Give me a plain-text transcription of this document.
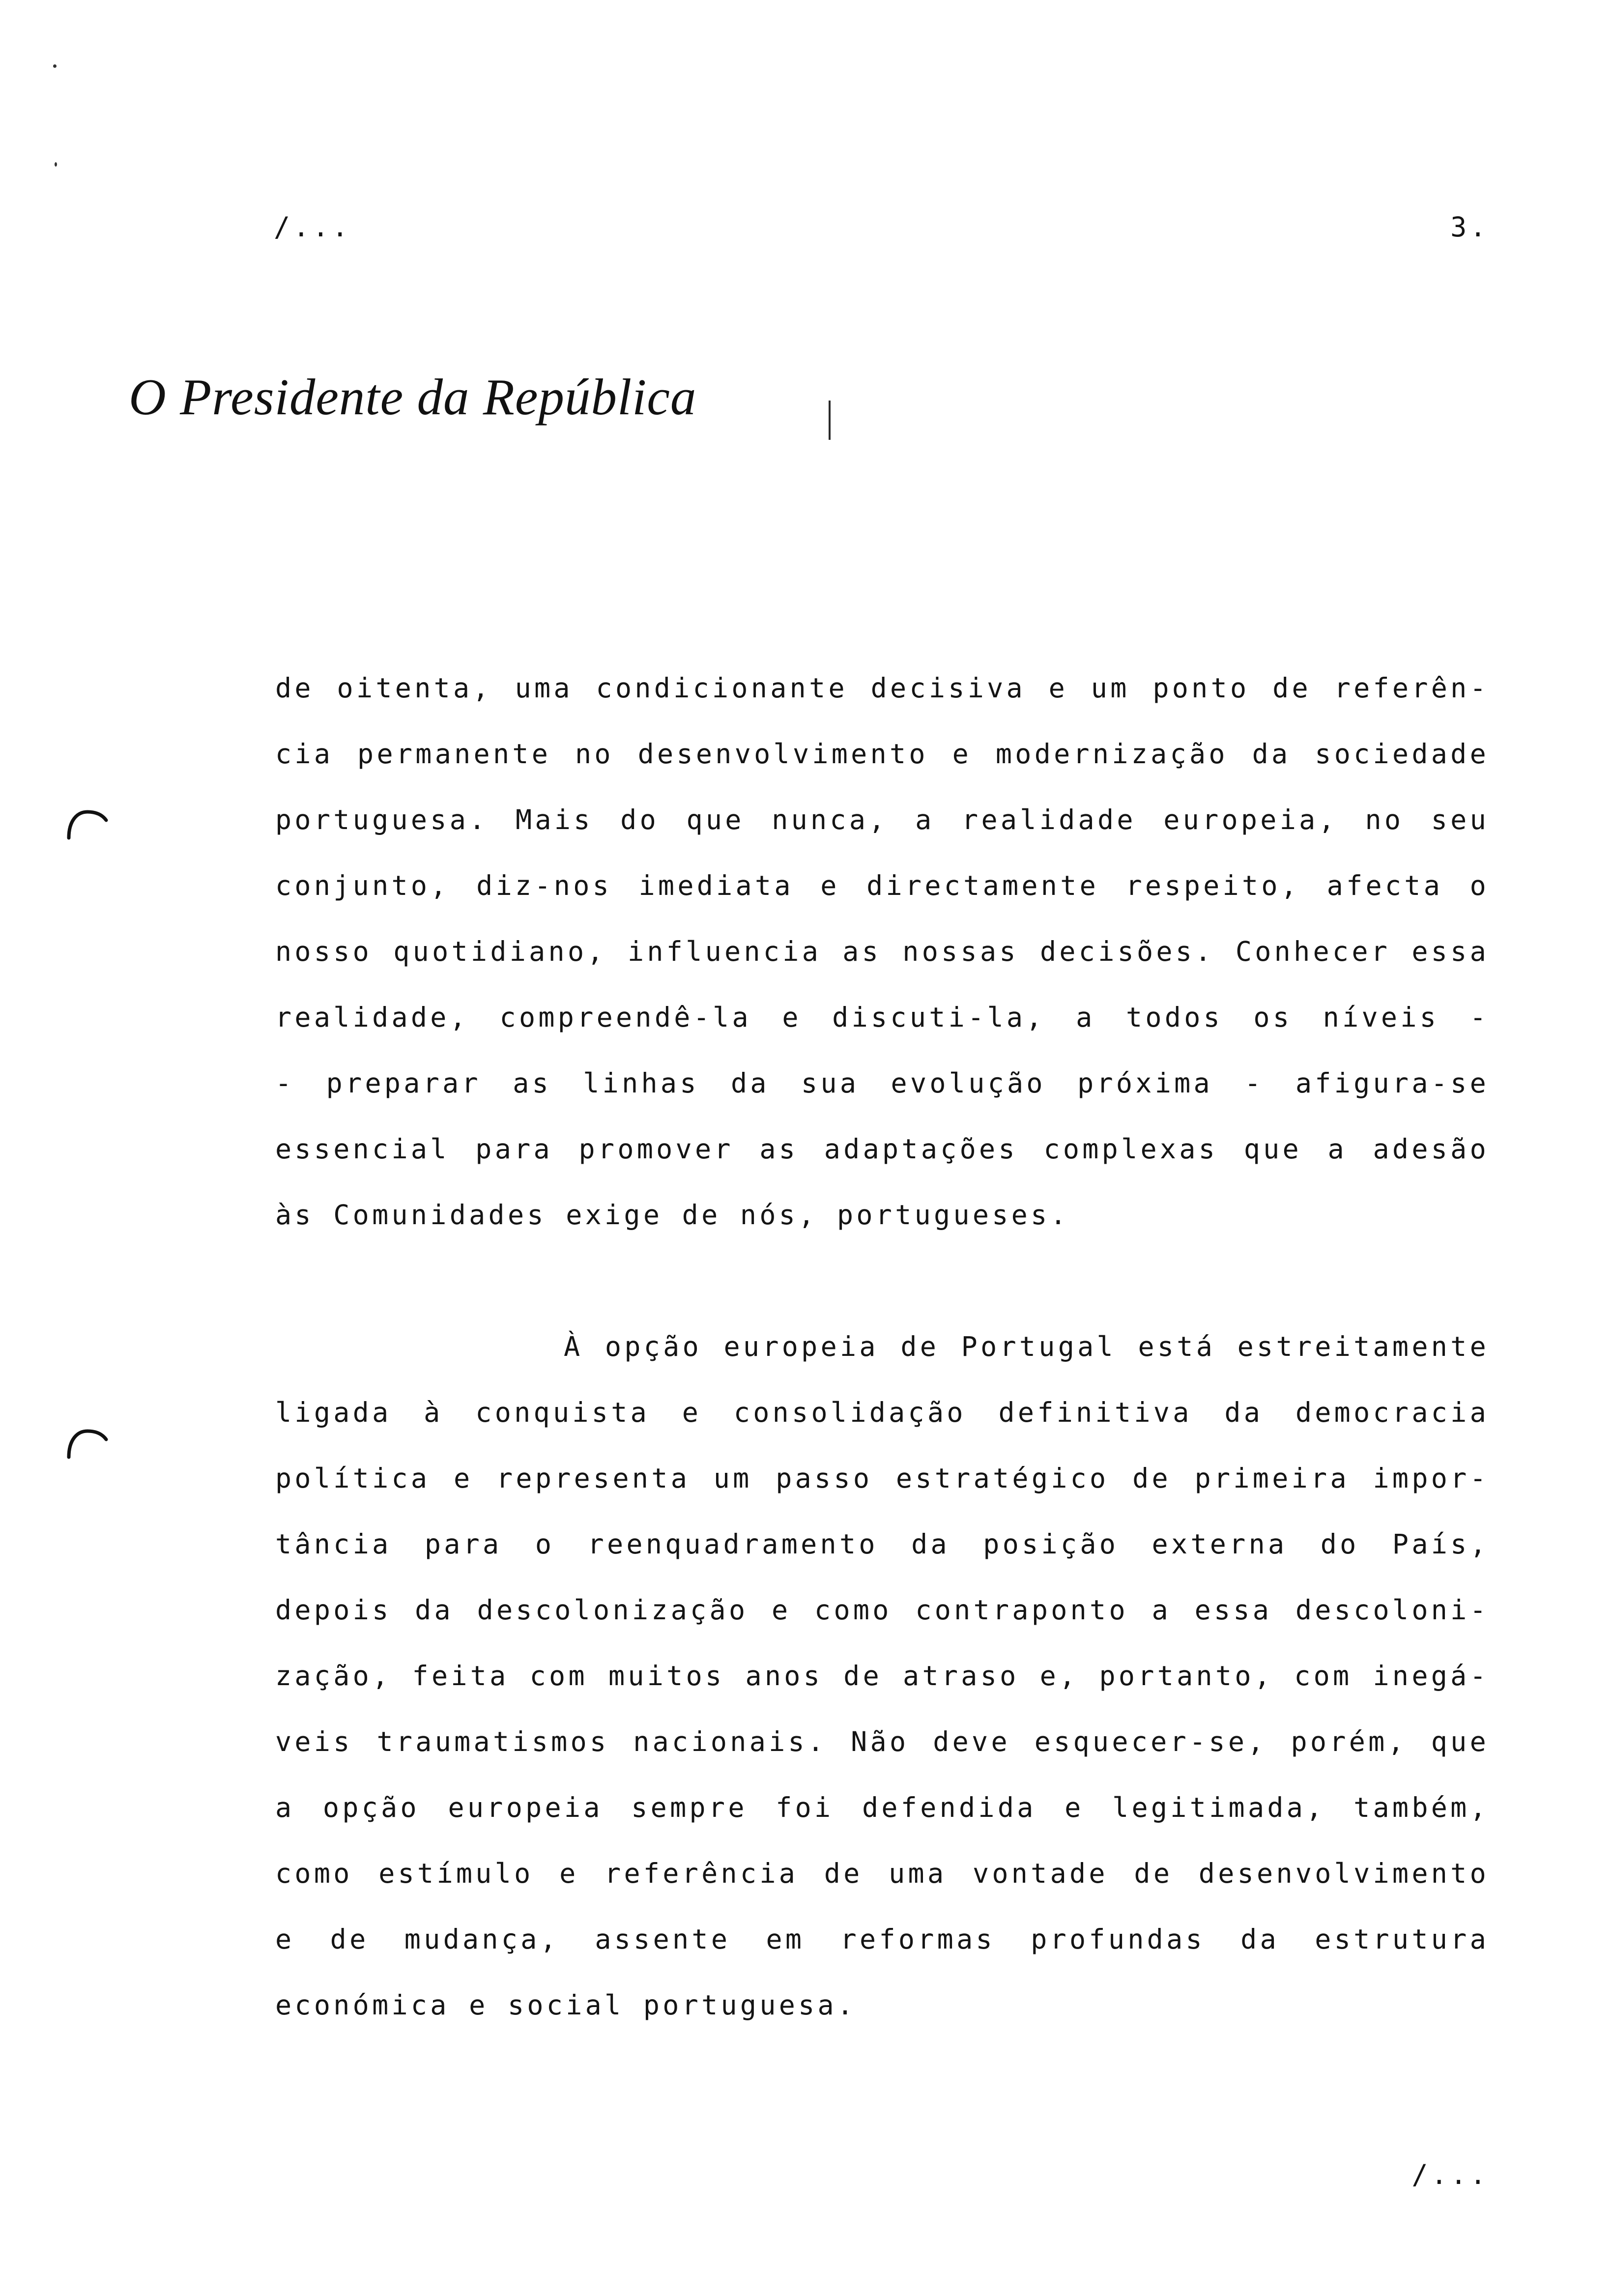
/...	3.
O Presidente da República
de oitenta, uma condicionante decisiva e um ponto de referên-
cia permanente no desenvolvimento e modernização da sociedade
portuguesa. Mais do que nunca, a realidade europeia, no seu
conjunto, diz-nos imediata e directamente respeito, afecta o
nosso quotidiano, influencia as nossas decisões. Conhecer essa
realidade, compreendê-la e discuti-la, a todos os níveis -
- preparar as linhas da sua evolução próxima - afigura-se
essencial para promover as adaptações complexas que a adesão
às Comunidades exige de nós, portugueses.
À opção europeia de Portugal está estreitamente
ligada à conquista e consolidação definitiva da democracia
política e representa um passo estratégico de primeira impor-
tância para o reenquadramento da posição externa do País,
depois da descolonização e como contraponto a essa descoloni-
zação, feita com muitos anos de atraso e, portanto, com inegá-
veis traumatismos nacionais. Não deve esquecer-se, porém, que
a opção europeia sempre foi defendida e legitimada, também,
como estímulo e referência de uma vontade de desenvolvimento
e de mudança, assente em reformas profundas da estrutura
económica e social portuguesa.
/...
